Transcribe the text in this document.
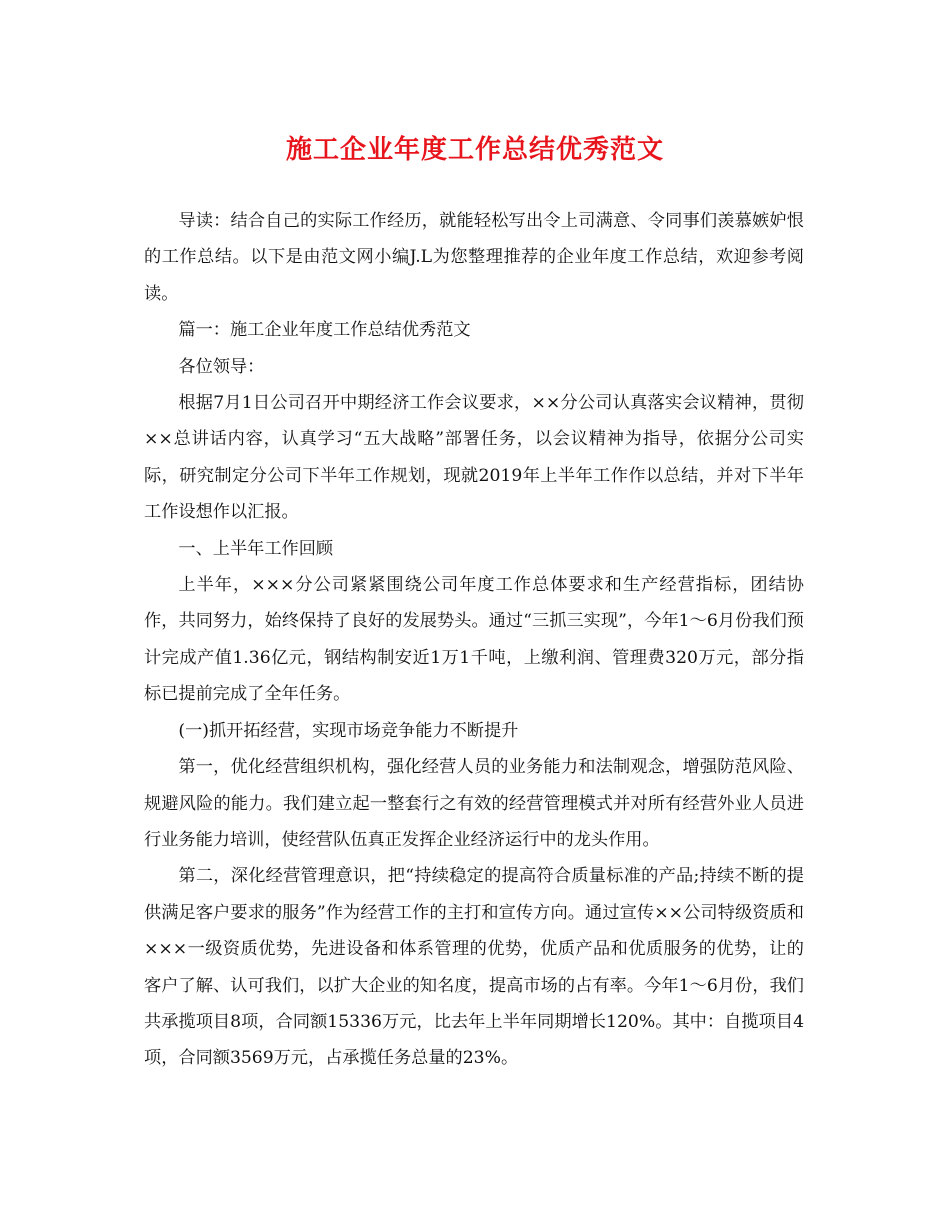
施工企业年度工作总结优秀范文

导读：结合自己的实际工作经历，就能轻松写出令上司满意、令同事们羡慕嫉妒恨的工作总结。以下是由范文网小编J.L为您整理推荐的企业年度工作总结，欢迎参考阅读。

篇一：施工企业年度工作总结优秀范文

各位领导：

根据7月1日公司召开中期经济工作会议要求，××分公司认真落实会议精神，贯彻××总讲话内容，认真学习“五大战略”部署任务，以会议精神为指导，依据分公司实际，研究制定分公司下半年工作规划，现就2019年上半年工作作以总结，并对下半年工作设想作以汇报。

一、上半年工作回顾

上半年，×××分公司紧紧围绕公司年度工作总体要求和生产经营指标，团结协作，共同努力，始终保持了良好的发展势头。通过“三抓三实现”，今年1～6月份我们预计完成产值1.36亿元，钢结构制安近1万1千吨，上缴利润、管理费320万元，部分指标已提前完成了全年任务。

(一)抓开拓经营，实现市场竞争能力不断提升

第一，优化经营组织机构，强化经营人员的业务能力和法制观念，增强防范风险、规避风险的能力。我们建立起一整套行之有效的经营管理模式并对所有经营外业人员进行业务能力培训，使经营队伍真正发挥企业经济运行中的龙头作用。

第二，深化经营管理意识，把“持续稳定的提高符合质量标准的产品;持续不断的提供满足客户要求的服务”作为经营工作的主打和宣传方向。通过宣传××公司特级资质和×××一级资质优势，先进设备和体系管理的优势，优质产品和优质服务的优势，让的客户了解、认可我们，以扩大企业的知名度，提高市场的占有率。今年1～6月份，我们共承揽项目8项，合同额15336万元，比去年上半年同期增长120%。其中：自揽项目4项，合同额3569万元，占承揽任务总量的23%。
